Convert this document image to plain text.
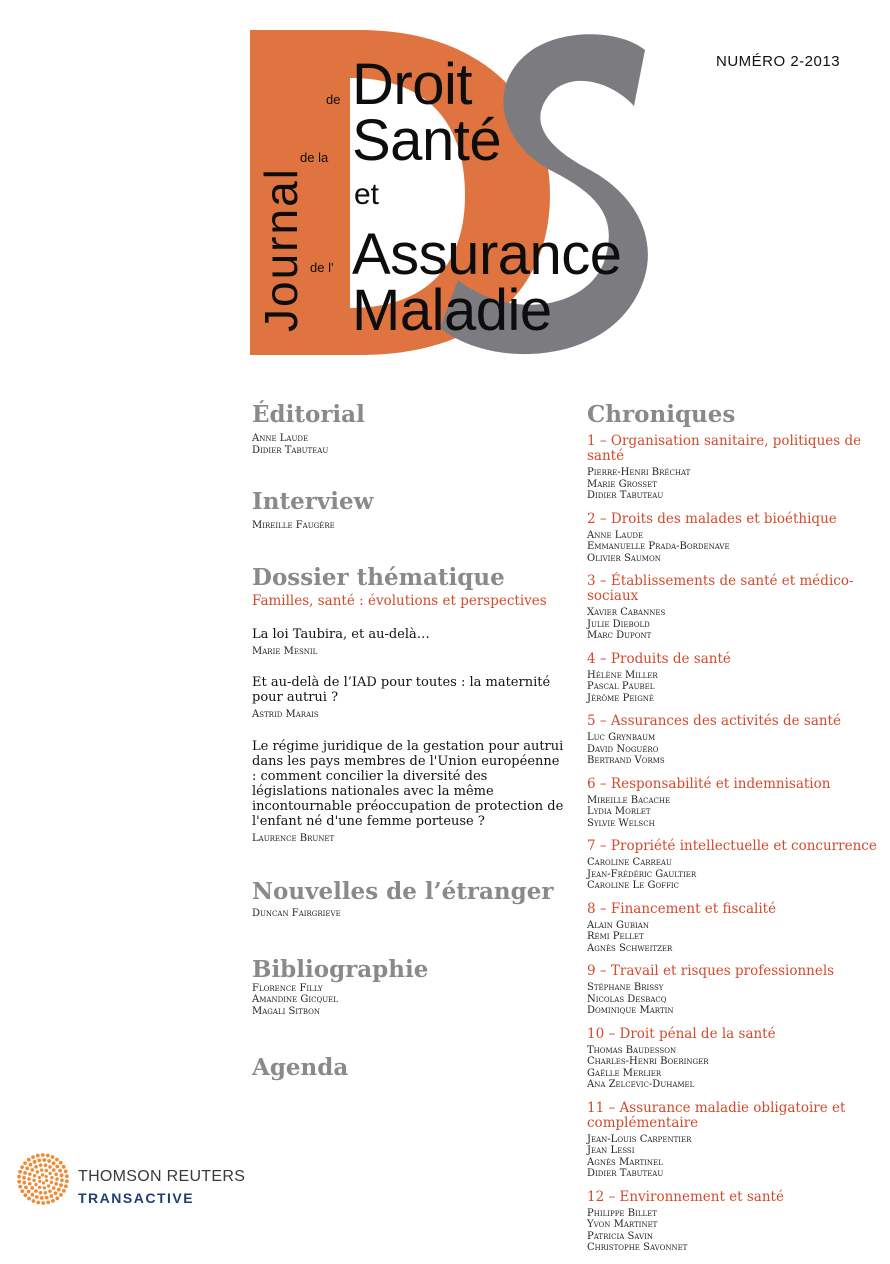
Journal
de
de la
de l'
Droit
Santé
et
Assurance
Maladie
NUMÉRO 2-2013
Éditorial
Anne Laude
Didier Tabuteau
Interview
Mireille Faugère
Dossier thématique
Familles, santé : évolutions et perspectives
La loi Taubira, et au-delà…
Marie Mesnil
Et au-delà de l’IAD pour toutes : la maternité pour autrui ?
Astrid Marais
Le régime juridique de la gestation pour autrui dans les pays membres de l'Union européenne : comment concilier la diversité des législations nationales avec la même incontournable préoccupation de protection de l'enfant né d'une femme porteuse ?
Laurence Brunet
Nouvelles de l’étranger
Duncan Fairgrieve
Bibliographie
Florence Filly
Amandine Gicquel
Magali Sitbon
Agenda
Chroniques
1 – Organisation sanitaire, politiques de santé
Pierre-Henri Bréchat
Marie Grosset
Didier Tabuteau
2 – Droits des malades et bioéthique
Anne Laude
Emmanuelle Prada-Bordenave
Olivier Saumon
3 – Établissements de santé et médico-sociaux
Xavier Cabannes
Julie Diebold
Marc Dupont
4 – Produits de santé
Hélène Miller
Pascal Paubel
Jérôme Peigné
5 – Assurances des activités de santé
Luc Grynbaum
David Noguéro
Bertrand Vorms
6 – Responsabilité et indemnisation
Mireille Bacache
Lydia Morlet
Sylvie Welsch
7 – Propriété intellectuelle et concurrence
Caroline Carreau
Jean-Frédéric Gaultier
Caroline Le Goffic
8 – Financement et fiscalité
Alain Gubian
Rémi Pellet
Agnès Schweitzer
9 – Travail et risques professionnels
Stéphane Brissy
Nicolas Desbacq
Dominique Martin
10 – Droit pénal de la santé
Thomas Baudesson
Charles-Henri Boeringer
Gaëlle Merlier
Ana Zelcevic-Duhamel
11 – Assurance maladie obligatoire et complémentaire
Jean-Louis Carpentier
Jean Lessi
Agnès Martinel
Didier Tabuteau
12 – Environnement et santé
Philippe Billet
Yvon Martinet
Patricia Savin
Christophe Savonnet
THOMSON REUTERS
TRANSACTIVE
